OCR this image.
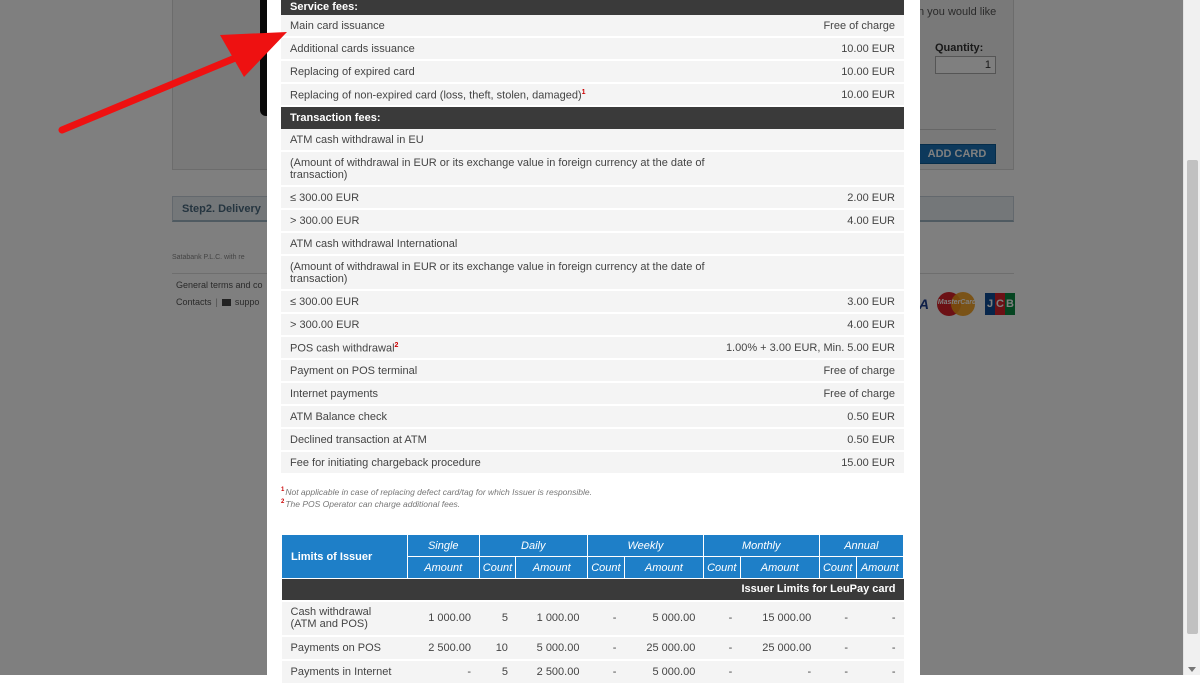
1
Service fees:
Main card issuance	Free of charge
Additional cards issuance	10.00 EUR
Replacing of expired card	10.00 EUR
Replacing of non-expired card (loss, theft, stolen, damaged)$^1$	10.00 EUR
Transaction fees:
ATM cash withdrawal in EU
(Amount of withdrawal in EUR or its exchange value in foreign currency at the date of transaction)
≤ 300.00 EUR	2.00 EUR
> 300.00 EUR	4.00 EUR
ATM cash withdrawal International
(Amount of withdrawal in EUR or its exchange value in foreign currency at the date of transaction)
≤ 300.00 EUR	3.00 EUR
> 300.00 EUR	4.00 EUR
POS cash withdrawal$^2$	1.00% + 3.00 EUR, Min. 5.00 EUR
Payment on POS terminal	Free of charge
Internet payments	Free of charge
ATM Balance check	0.50 EUR
Declined transaction at ATM	0.50 EUR
Fee for initiating chargeback procedure	15.00 EUR
$^1$Not applicable in case of replacing defect card/tag for which Issuer is responsible.
$^2$The POS Operator can charge additional fees.
Limits of Issuer	Single	Daily		Weekly		Monthly		Annual	
	Amount	Count	Amount	Count	Amount	Count	Amount	Count	Amount
Issuer Limits for LeuPay card									
Cash withdrawal (ATM and POS)	1 000.00	5	1 000.00	-	5 000.00	-	15 000.00	-	-
Payments on POS	2 500.00	10	5 000.00	-	25 000.00	-	25 000.00	-	-
Payments in Internet	-	5	2 500.00	-	5 000.00	-	-	-	-
